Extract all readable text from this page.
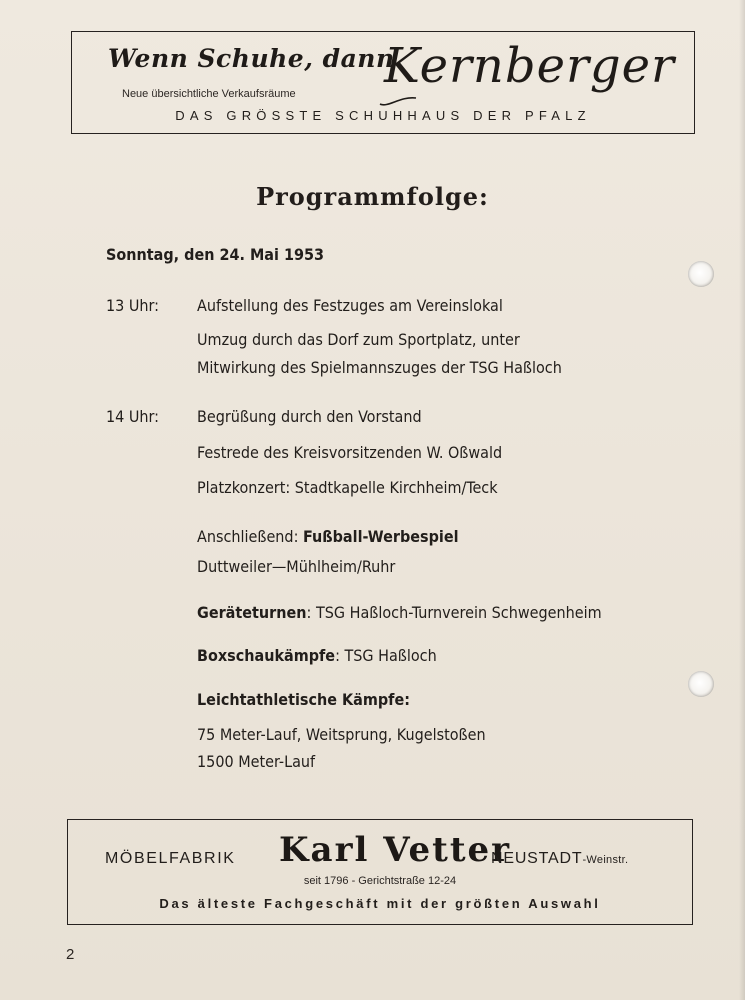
Wenn Schuhe, dann
Neue übersichtliche Verkaufsräume Kernberger
DAS GRÖSSTE SCHUHHAUS DER PFALZ
Programmfolge:
Sonntag, den 24. Mai 1953
13 Uhr: Aufstellung des Festzuges am Vereinslokal
Umzug durch das Dorf zum Sportplatz, unter
Mitwirkung des Spielmannszuges der TSG Haßloch
14 Uhr: Begrüßung durch den Vorstand
Festrede des Kreisvorsitzenden W. Oßwald
Platzkonzert: Stadtkapelle Kirchheim/Teck
Anschließend: Fußball-Werbespiel
Duttweiler—Mühlheim/Ruhr
Geräteturnen: TSG Haßloch-Turnverein Schwegenheim
Boxschaukämpfe: TSG Haßloch
Leichtathletische Kämpfe:
75 Meter-Lauf, Weitsprung, Kugelstoßen
1500 Meter-Lauf
MÖBELFABRIK Karl Vetter
NEUSTADT-Weinstr.
seit 1796 - Gerichtstraße 12-24
Das älteste Fachgeschäft mit der größten Auswahl
2
